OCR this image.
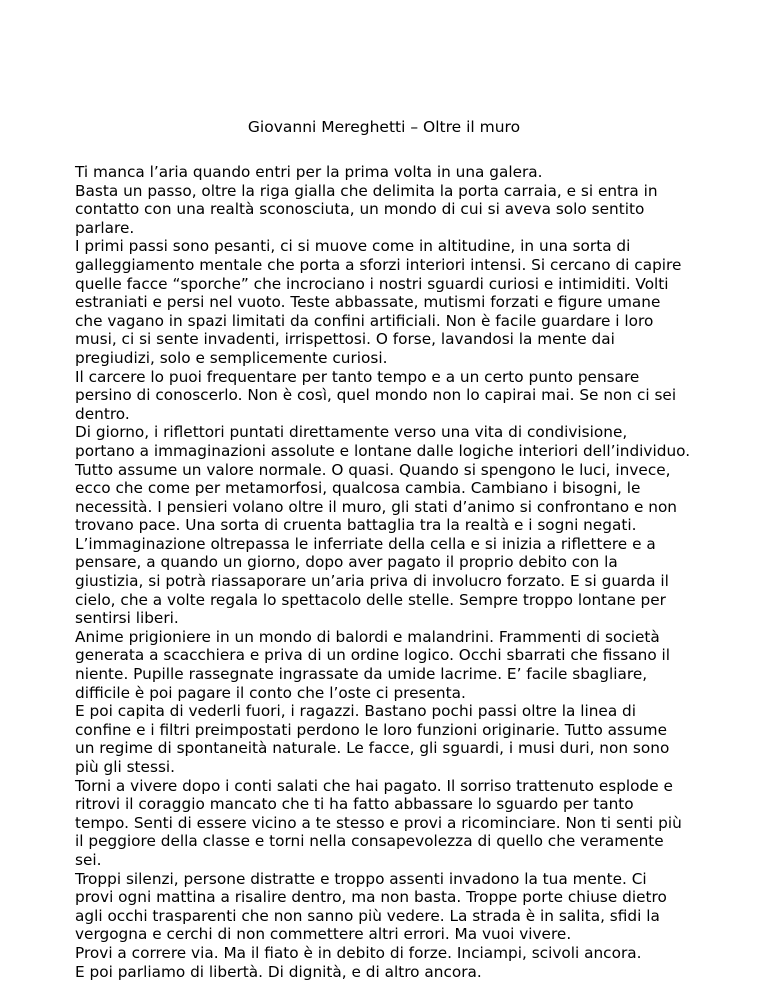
Giovanni Mereghetti – Oltre il muro

Ti manca l’aria quando entri per la prima volta in una galera.

Basta un passo, oltre la riga gialla che delimita la porta carraia, e si entra in

contatto con una realtà sconosciuta, un mondo di cui si aveva solo sentito

parlare.

I primi passi sono pesanti, ci si muove come in altitudine, in una sorta di

galleggiamento mentale che porta a sforzi interiori intensi. Si cercano di capire

quelle facce “sporche” che incrociano i nostri sguardi curiosi e intimiditi. Volti

estraniati e persi nel vuoto. Teste abbassate, mutismi forzati e figure umane

che vagano in spazi limitati da confini artificiali. Non è facile guardare i loro

musi, ci si sente invadenti, irrispettosi. O forse, lavandosi la mente dai

pregiudizi, solo e semplicemente curiosi.

Il carcere lo puoi frequentare per tanto tempo e a un certo punto pensare

persino di conoscerlo. Non è così, quel mondo non lo capirai mai. Se non ci sei

dentro.

Di giorno, i riflettori puntati direttamente verso una vita di condivisione,

portano a immaginazioni assolute e lontane dalle logiche interiori dell’individuo.

Tutto assume un valore normale. O quasi. Quando si spengono le luci, invece,

ecco che come per metamorfosi, qualcosa cambia. Cambiano i bisogni, le

necessità. I pensieri volano oltre il muro, gli stati d’animo si confrontano e non

trovano pace. Una sorta di cruenta battaglia tra la realtà e i sogni negati.

L’immaginazione oltrepassa le inferriate della cella e si inizia a riflettere e a

pensare, a quando un giorno, dopo aver pagato il proprio debito con la

giustizia, si potrà riassaporare un’aria priva di involucro forzato. E si guarda il

cielo, che a volte regala lo spettacolo delle stelle. Sempre troppo lontane per

sentirsi liberi.

Anime prigioniere in un mondo di balordi e malandrini. Frammenti di società

generata a scacchiera e priva di un ordine logico. Occhi sbarrati che fissano il

niente. Pupille rassegnate ingrassate da umide lacrime. E’ facile sbagliare,

difficile è poi pagare il conto che l’oste ci presenta.

E poi capita di vederli fuori, i ragazzi. Bastano pochi passi oltre la linea di

confine e i filtri preimpostati perdono le loro funzioni originarie. Tutto assume

un regime di spontaneità naturale. Le facce, gli sguardi, i musi duri, non sono

più gli stessi.

Torni a vivere dopo i conti salati che hai pagato. Il sorriso trattenuto esplode e

ritrovi il coraggio mancato che ti ha fatto abbassare lo sguardo per tanto

tempo. Senti di essere vicino a te stesso e provi a ricominciare. Non ti senti più

il peggiore della classe e torni nella consapevolezza di quello che veramente

sei.

Troppi silenzi, persone distratte e troppo assenti invadono la tua mente. Ci

provi ogni mattina a risalire dentro, ma non basta. Troppe porte chiuse dietro

agli occhi trasparenti che non sanno più vedere. La strada è in salita, sfidi la

vergogna e cerchi di non commettere altri errori. Ma vuoi vivere.

Provi a correre via. Ma il fiato è in debito di forze. Inciampi, scivoli ancora.

E poi parliamo di libertà. Di dignità, e di altro ancora.
